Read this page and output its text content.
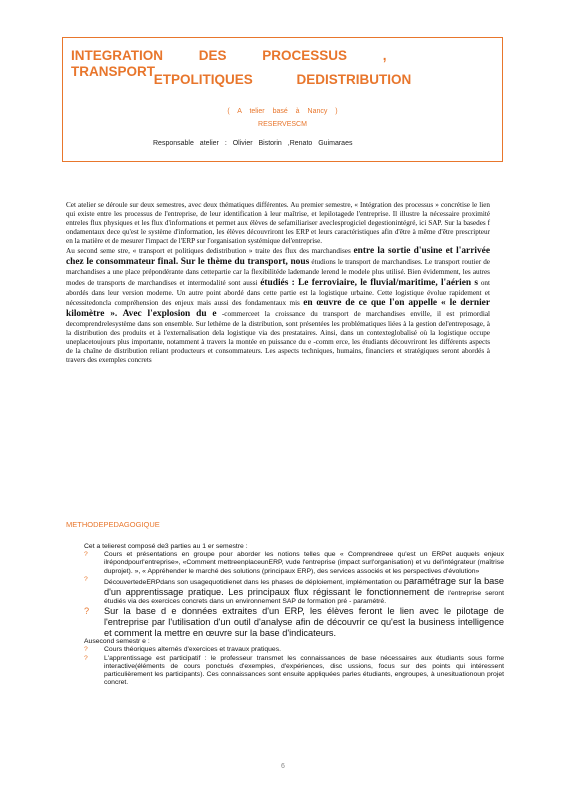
INTEGRATION DES PROCESSUS , TRANSPORT
ETPOLITIQUES DEDISTRIBUTION
( A telier basé à Nancy )
RESERVESCM
Responsable atelier : Olivier Bistorin ,Renato Guimaraes

Cet atelier se déroule sur deux semestres, avec deux thématiques différentes. Au premier semestre, « Intégration des processus » concrétise le lien qui existe entre les processus de l'entreprise, de leur identification à leur maîtrise, et lepilotagede l'entreprise. Il illustre la nécessaire proximité entreles flux physiques et les flux d'informations et permet aux élèves de sefamiliariser aveclesprogiciel degestionintégré, ici SAP. Sur la basedes f ondamentaux dece qu'est le système d'information, les élèves découvriront les ERP et leurs caractéristiques afin d'être à même d'être prescripteur en la matière et de mesurer l'impact de l'ERP sur l'organisation systémique del'entreprise.

Au second seme stre, « transport et politiques dedistribution » traite des flux des marchandises entre la sortie d'usine et l'arrivée chez le consommateur final. Sur le thème du transport, nous étudions le transport de marchandises. Le transport routier de marchandises a une place prépondérante dans cettepartie car la flexibilitéde lademande lerend le modele plus utilisé. Bien évidemment, les autres modes de transports de marchandises et intermodalité sont aussi étudiés : Le ferroviaire, le fluvial/maritime, l'aérien s ont abordés dans leur version moderne. Un autre point abordé dans cette partie est la logistique urbaine. Cette logistique évolue rapidement et nécessitedoncla compréhension des enjeux mais aussi des fondamentaux mis en œuvre de ce que l'on appelle « le dernier kilomètre ». Avec l'explosion du e -commerceet la croissance du transport de marchandises enville, il est primordial decomprendrelesystème dans son ensemble. Sur lethème de la distribution, sont présentées les problématiques liées à la gestion del'entreposage, à la distribution des produits et à l'externalisation dela logistique via des prestataires. Ainsi, dans un contexteglobalisé où la logistique occupe uneplacetoujours plus importante, notamment à travers la montée en puissance du e -comm erce, les étudiants découvriront les différents aspects de la chaîne de distribution reliant producteurs et consommateurs. Les aspects techniques, humains, financiers et stratégiques seront abordés à travers des exemples concrets

METHODEPEDAGOGIQUE

Cet a telierest composé de3 parties au 1 er semestre :

? Cours et présentations en groupe pour aborder les notions telles que « Comprendreee qu'est un ERPet auquels enjeux ilrépondpourl'entreprise», «Comment mettreenplaceunERP, vude l'entreprise (impact surl'organisation) et vu del'intégrateur (maîtrise duprojet). », « Appréhender le marché des solutions (principaux ERP), des services associés et les perspectives d'évolution»
? DécouvertedeERPdans son usagequotidienet dans les phases de déploiement, implémentation ou paramétrage sur la base d'un apprentissage pratique. Les principaux flux régissant le fonctionnement de l'entreprise seront étudiés via des exercices concrets dans un environnement SAP de formation pré - paramétré.
? Sur la base d e données extraites d'un ERP, les élèves feront le lien avec le pilotage de l'entreprise par l'utilisation d'un outil d'analyse afin de découvrir ce qu'est la business intelligence et comment la mettre en œuvre sur la base d'indicateurs.

Ausecond semestr e :

? Cours théoriques alternés d'exercices et travaux pratiques.
? L'apprentissage est participatif : le professeur transmet les connaissances de base nécessaires aux étudiants sous forme interactive(éléments de cours ponctués d'exemples, d'expériences, disc ussions, focus sur des points qui intéressent particulièrement les participants). Ces connaissances sont ensuite appliquées parles étudiants, engroupes, à unesituationoun projet concret.
6
